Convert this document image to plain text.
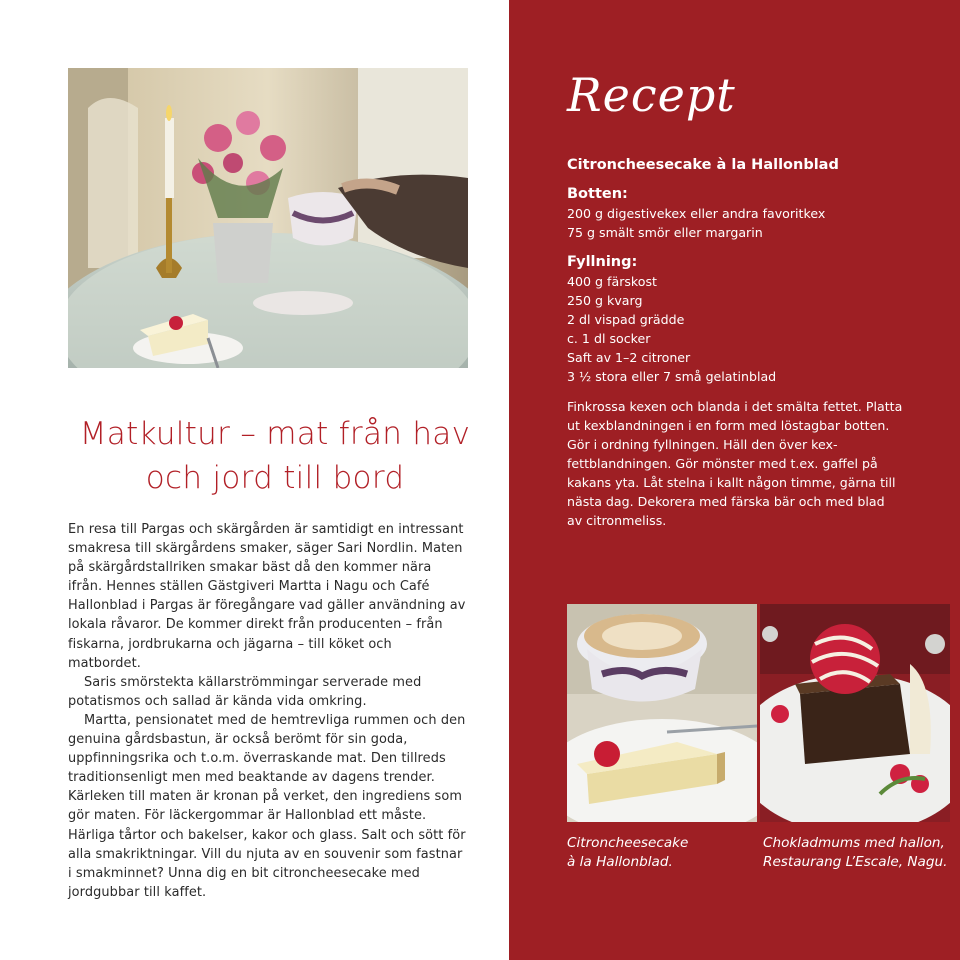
Matkultur – mat från hav
och jord till bord

En resa till Pargas och skärgården är samtidigt en intressant smakresa till skärgårdens smaker, säger Sari Nordlin. Maten på skärgårdstallriken smakar bäst då den kommer nära ifrån. Hennes ställen Gästgiveri Martta i Nagu och Café Hallonblad i Pargas är föregångare vad gäller användning av lokala råvaror. De kommer direkt från producenten – från fiskarna, jordbrukarna och jägarna – till köket och matbordet.

Saris smörstekta källarströmmingar serverade med potatismos och sallad är kända vida omkring.

Martta, pensionatet med de hemtrevliga rummen och den genuina gårdsbastun, är också berömt för sin goda, uppfinningsrika och t.o.m. överraskande mat. Den tillreds traditionsenligt men med beaktande av dagens trender. Kärleken till maten är kronan på verket, den ingrediens som gör maten. För läckergommar är Hallonblad ett måste. Härliga tårtor och bakelser, kakor och glass. Salt och sött för alla smakriktningar. Vill du njuta av en souvenir som fastnar i smakminnet? Unna dig en bit citroncheesecake med jordgubbar till kaffet.

Recept
Citroncheesecake à la Hallonblad
Botten:
200 g digestivekex eller andra favoritkex
75 g smält smör eller margarin
Fyllning:
400 g färskost
250 g kvarg
2 dl vispad grädde
c. 1 dl socker
Saft av 1–2 citroner
3 ½ stora eller 7 små gelatinblad
Finkrossa kexen och blanda i det smälta fettet. Platta
ut kexblandningen i en form med löstagbar botten.
Gör i ordning fyllningen. Häll den över kex-
fettblandningen. Gör mönster med t.ex. gaffel på
kakans yta. Låt stelna i kallt någon timme, gärna till
nästa dag. Dekorera med färska bär och med blad
av citronmeliss.
Citroncheesecake
à la Hallonblad.
Chokladmums med hallon,
Restaurang L’Escale, Nagu.
